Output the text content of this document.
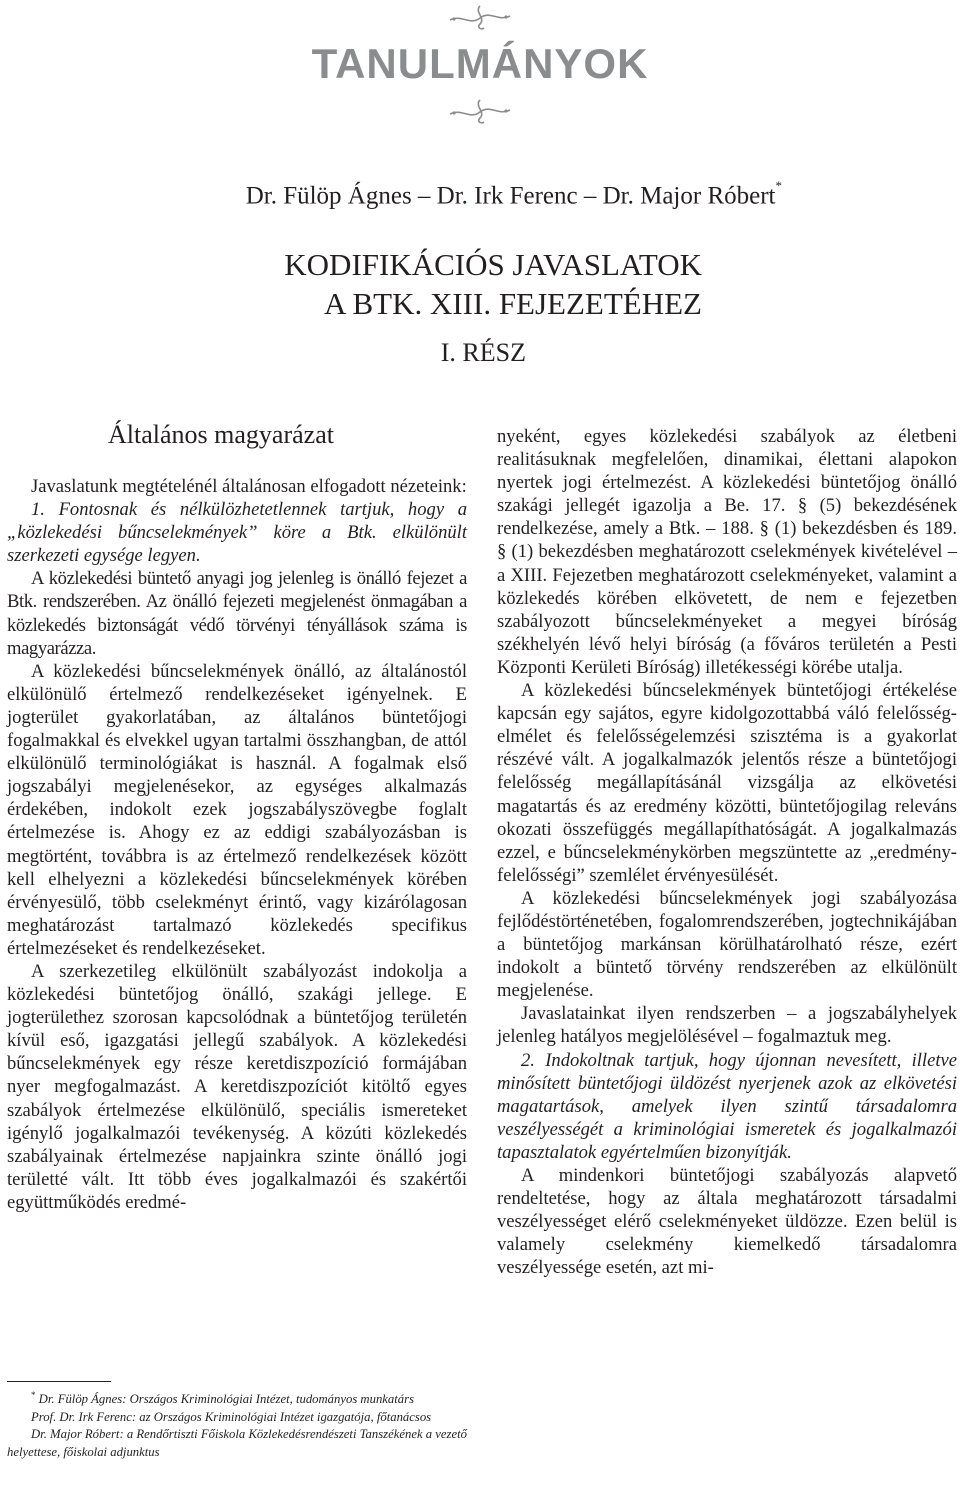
TANULMÁNYOK
Dr. Fülöp Ágnes – Dr. Irk Ferenc – Dr. Major Róbert*
KODIFIKÁCIÓS JAVASLATOK
A BTK. XIII. FEJEZETÉHEZ
I. RÉSZ
Általános magyarázat

Javaslatunk megtételénél általánosan elfogadott nézeteink:

1. Fontosnak és nélkülözhetetlennek tartjuk, hogy a „közlekedési bűncselekmények” köre a Btk. elkülönült szerkezeti egysége legyen.

A közlekedési büntető anyagi jog jelenleg is önálló fejezet a Btk. rendszerében. Az önálló fejezeti megjelenést önmagában a közlekedés biztonságát védő törvényi tényállások száma is magyarázza.

A közlekedési bűncselekmények önálló, az általánostól elkülönülő értelmező rendelkezéseket igényelnek. E jogterület gyakorlatában, az általános büntetőjogi fogalmakkal és elvekkel ugyan tartalmi összhangban, de attól elkülönülő terminológiákat is használ. A fogalmak első jogszabályi megjelenésekor, az egységes alkalmazás érdekében, indokolt ezek jogszabályszövegbe foglalt értelmezése is. Ahogy ez az eddigi szabályozásban is megtörtént, továbbra is az értelmező rendelkezések között kell elhelyezni a közlekedési bűncselekmények körében érvényesülő, több cselekményt érintő, vagy kizárólagosan meghatározást tartalmazó közlekedés specifikus értelmezéseket és rendelkezéseket.

A szerkezetileg elkülönült szabályozást indokolja a közlekedési büntetőjog önálló, szakági jellege. E jogterülethez szorosan kapcsolódnak a büntetőjog területén kívül eső, igazgatási jellegű szabályok. A közlekedési bűncselekmények egy része keretdiszpozíció formájában nyer megfogalmazást. A keretdiszpozíciót kitöltő egyes szabályok értelmezése elkülönülő, speciális ismereteket igénylő jogalkalmazói tevékenység. A közúti közlekedés szabályainak értelmezése napjainkra szinte önálló jogi területté vált. Itt több éves jogalkalmazói és szakértői együttműködés eredmé-

nyeként, egyes közlekedési szabályok az életbeni realitásuknak megfelelően, dinamikai, élettani alapokon nyertek jogi értelmezést. A közlekedési büntetőjog önálló szakági jellegét igazolja a Be. 17. § (5) bekezdésének rendelkezése, amely a Btk. – 188. § (1) bekezdésben és 189. § (1) bekezdésben meghatározott cselekmények kivételével – a XIII. Fejezetben meghatározott cselekményeket, valamint a közlekedés körében elkövetett, de nem e fejezetben szabályozott bűncselekményeket a megyei bíróság székhelyén lévő helyi bíróság (a főváros területén a Pesti Központi Kerületi Bíróság) illetékességi körébe utalja.

A közlekedési bűncselekmények büntetőjogi értékelése kapcsán egy sajátos, egyre kidolgozottabbá váló felelősség-elmélet és felelősségelemzési szisztéma is a gyakorlat részévé vált. A jogalkalmazók jelentős része a büntetőjogi felelősség megállapításánál vizsgálja az elkövetési magatartás és az eredmény közötti, büntetőjogilag releváns okozati összefüggés megállapíthatóságát. A jogalkalmazás ezzel, e bűncselekménykörben megszüntette az „eredmény-felelősségi” szemlélet érvényesülését.

A közlekedési bűncselekmények jogi szabályozása fejlődéstörténetében, fogalomrendszerében, jogtechnikájában a büntetőjog markánsan körülhatárolható része, ezért indokolt a büntető törvény rendszerében az elkülönült megjelenése.

Javaslatainkat ilyen rendszerben – a jogszabályhelyek jelenleg hatályos megjelölésével – fogalmaztuk meg.

2. Indokoltnak tartjuk, hogy újonnan nevesített, illetve minősített büntetőjogi üldözést nyerjenek azok az elkövetési magatartások, amelyek ilyen szintű társadalomra veszélyességét a kriminológiai ismeretek és jogalkalmazói tapasztalatok egyértelműen bizonyítják.

A mindenkori büntetőjogi szabályozás alapvető rendeltetése, hogy az általa meghatározott társadalmi veszélyességet elérő cselekményeket üldözze. Ezen belül is valamely cselekmény kiemelkedő társadalomra veszélyessége esetén, azt mi-

* Dr. Fülöp Ágnes: Országos Kriminológiai Intézet, tudományos munkatárs

Prof. Dr. Irk Ferenc: az Országos Kriminológiai Intézet igazgatója, főtanácsos

Dr. Major Róbert: a Rendőrtiszti Főiskola Közlekedésrendészeti Tanszékének a vezető helyettese, főiskolai adjunktus
